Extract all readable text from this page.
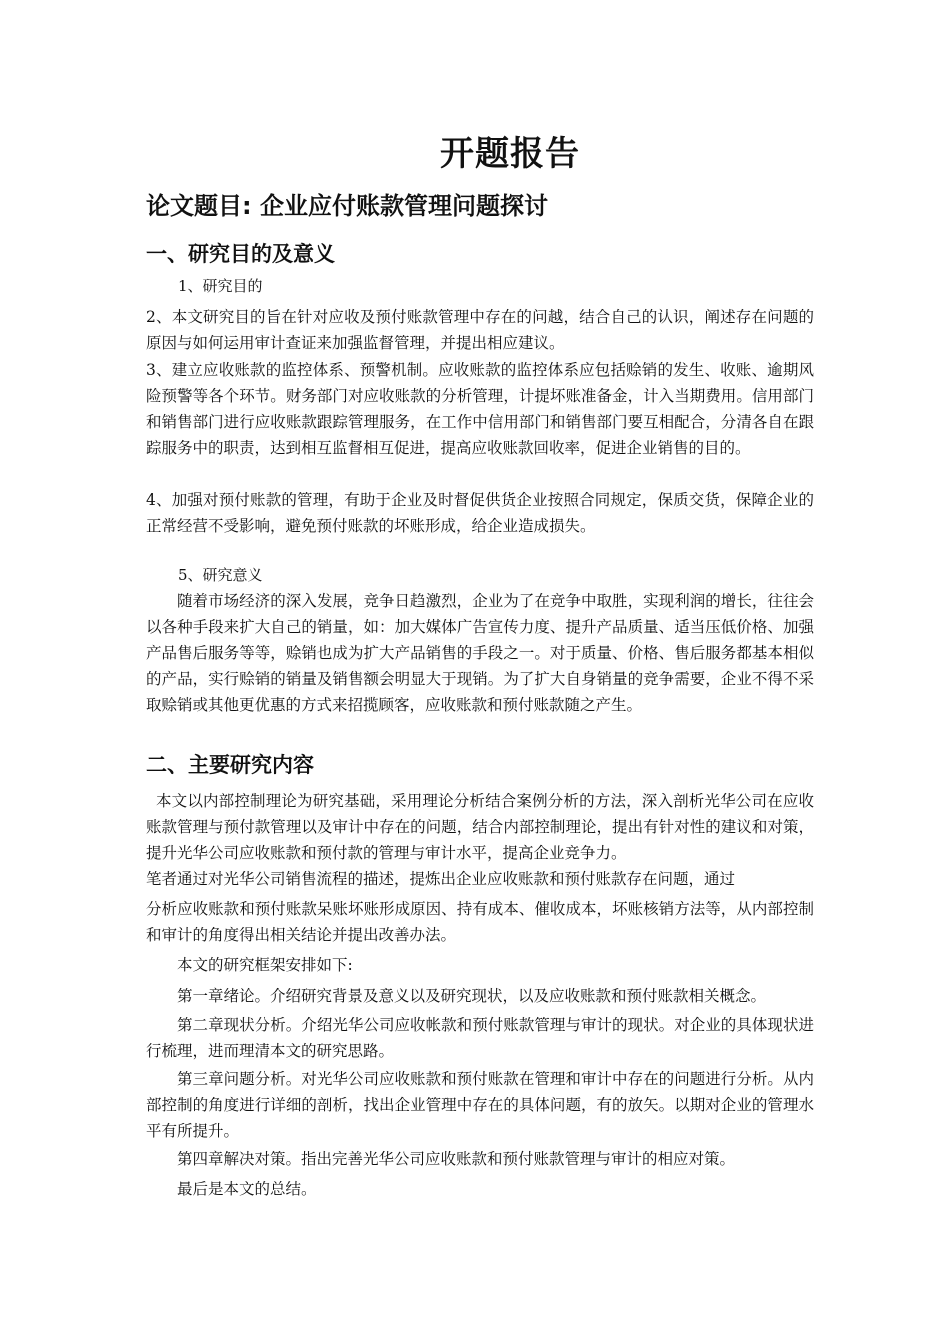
开题报告
论文题目: 企业应付账款管理问题探讨
一、研究目的及意义
1、研究目的
2、本文研究目的旨在针对应收及预付账款管理中存在的问越，结合自己的认识，阐述存在问题的原因与如何运用审计查证来加强监督管理，并提出相应建议。
3、建立应收账款的监控体系、预警机制。应收账款的监控体系应包括赊销的发生、收账、逾期风险预警等各个环节。财务部门对应收账款的分析管理，计提坏账准备金，计入当期费用。信用部门和销售部门进行应收账款跟踪管理服务，在工作中信用部门和销售部门要互相配合，分清各自在跟踪服务中的职责，达到相互监督相互促进，提高应收账款回收率，促进企业销售的目的。
4、加强对预付账款的管理，有助于企业及时督促供货企业按照合同规定，保质交货，保障企业的正常经营不受影响，避免预付账款的坏账形成，给企业造成损失。
5、研究意义
随着市场经济的深入发展，竞争日趋激烈，企业为了在竞争中取胜，实现利润的增长，往往会以各种手段来扩大自己的销量，如：加大媒体广告宣传力度、提升产品质量、适当压低价格、加强产品售后服务等等，赊销也成为扩大产品销售的手段之一。对于质量、价格、售后服务都基本相似的产品，实行赊销的销量及销售额会明显大于现销。为了扩大自身销量的竞争需要，企业不得不采取赊销或其他更优惠的方式来招揽顾客，应收账款和预付账款随之产生。
二、主要研究内容
本文以内部控制理论为研究基础，采用理论分析结合案例分析的方法，深入剖析光华公司在应收账款管理与预付款管理以及审计中存在的问题，结合内部控制理论，提出有针对性的建议和对策，提升光华公司应收账款和预付款的管理与审计水平，提高企业竞争力。
笔者通过对光华公司销售流程的描述，提炼出企业应收账款和预付账款存在问题，通过
分析应收账款和预付账款呆账坏账形成原因、持有成本、催收成本，坏账核销方法等，从内部控制和审计的角度得出相关结论并提出改善办法。
本文的研究框架安排如下:
第一章绪论。介绍研究背景及意义以及研究现状，以及应收账款和预付账款相关概念。
第二章现状分析。介绍光华公司应收帐款和预付账款管理与审计的现状。对企业的具体现状进行梳理，进而理清本文的研究思路。
第三章问题分析。对光华公司应收账款和预付账款在管理和审计中存在的问题进行分析。从内部控制的角度进行详细的剖析，找出企业管理中存在的具体问题，有的放矢。以期对企业的管理水平有所提升。
第四章解决对策。指出完善光华公司应收账款和预付账款管理与审计的相应对策。
最后是本文的总结。
